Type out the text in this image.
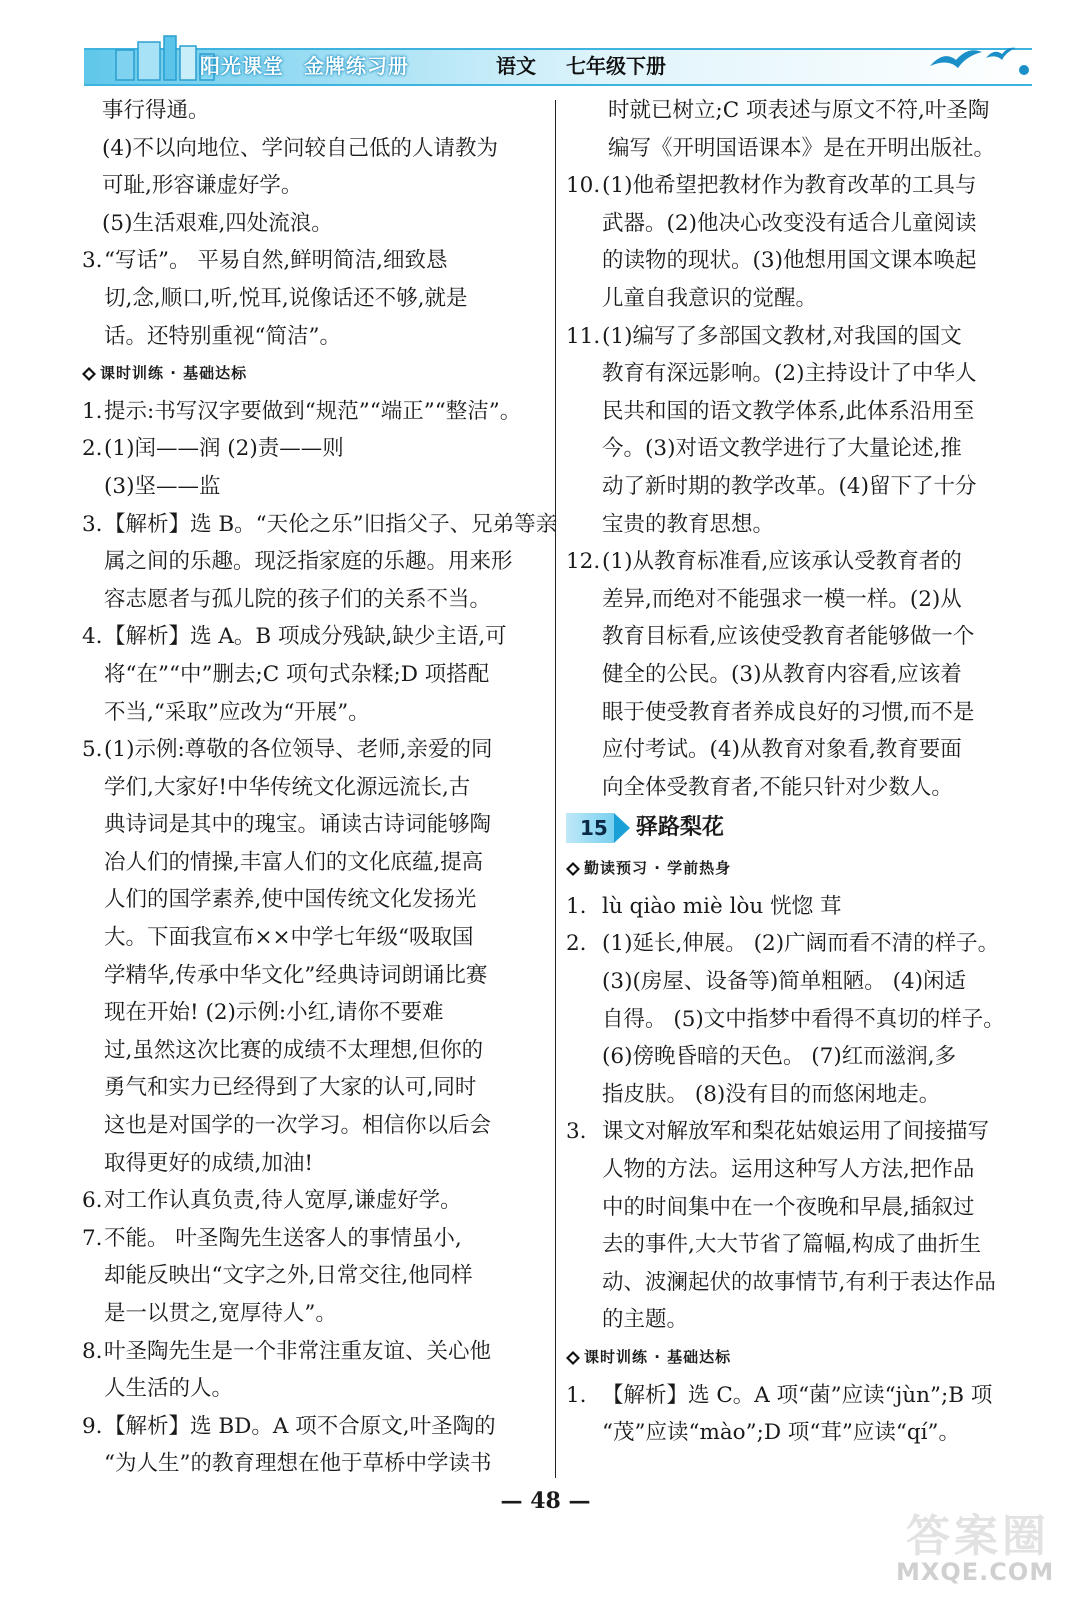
阳光课堂 金牌练习册	语文 七年级下册
事行得通。
(4)不以向地位、学问较自己低的人请教为
可耻,形容谦虚好学。
(5)生活艰难,四处流浪。
3. “写话”。 平易自然,鲜明简洁,细致恳
切,念,顺口,听,悦耳,说像话还不够,就是
话。还特别重视“简洁”。
课时训练 · 基础达标
1. 提示:书写汉字要做到“规范”“端正”“整洁”。
2. (1)闰——润 (2)责——则
(3)坚——监
3. 【解析】选 B。“天伦之乐”旧指父子、兄弟等亲
属之间的乐趣。现泛指家庭的乐趣。用来形
容志愿者与孤儿院的孩子们的关系不当。
4. 【解析】选 A。B 项成分残缺,缺少主语,可
将“在”“中”删去;C 项句式杂糅;D 项搭配
不当,“采取”应改为“开展”。
5. (1)示例:尊敬的各位领导、老师,亲爱的同
学们,大家好!中华传统文化源远流长,古
典诗词是其中的瑰宝。诵读古诗词能够陶
冶人们的情操,丰富人们的文化底蕴,提高
人们的国学素养,使中国传统文化发扬光
大。下面我宣布××中学七年级“吸取国
学精华,传承中华文化”经典诗词朗诵比赛
现在开始! (2)示例:小红,请你不要难
过,虽然这次比赛的成绩不太理想,但你的
勇气和实力已经得到了大家的认可,同时
这也是对国学的一次学习。相信你以后会
取得更好的成绩,加油!
6. 对工作认真负责,待人宽厚,谦虚好学。
7. 不能。 叶圣陶先生送客人的事情虽小,
却能反映出“文字之外,日常交往,他同样
是一以贯之,宽厚待人”。
8. 叶圣陶先生是一个非常注重友谊、关心他
人生活的人。
9. 【解析】选 BD。A 项不合原文,叶圣陶的
“为人生”的教育理想在他于草桥中学读书
时就已树立;C 项表述与原文不符,叶圣陶
编写《开明国语课本》是在开明出版社。
10. (1)他希望把教材作为教育改革的工具与
武器。(2)他决心改变没有适合儿童阅读
的读物的现状。(3)他想用国文课本唤起
儿童自我意识的觉醒。
11. (1)编写了多部国文教材,对我国的国文
教育有深远影响。(2)主持设计了中华人
民共和国的语文教学体系,此体系沿用至
今。(3)对语文教学进行了大量论述,推
动了新时期的教学改革。(4)留下了十分
宝贵的教育思想。
12. (1)从教育标准看,应该承认受教育者的
差异,而绝对不能强求一模一样。(2)从
教育目标看,应该使受教育者能够做一个
健全的公民。(3)从教育内容看,应该着
眼于使受教育者养成良好的习惯,而不是
应付考试。(4)从教育对象看,教育要面
向全体受教育者,不能只针对少数人。
15 驿路梨花
勤读预习 · 学前热身
1. lù qiào miè lòu 恍惚 茸
2. (1)延长,伸展。 (2)广阔而看不清的样子。
(3)(房屋、设备等)简单粗陋。 (4)闲适
自得。 (5)文中指梦中看得不真切的样子。
(6)傍晚昏暗的天色。 (7)红而滋润,多
指皮肤。 (8)没有目的而悠闲地走。
3. 课文对解放军和梨花姑娘运用了间接描写
人物的方法。运用这种写人方法,把作品
中的时间集中在一个夜晚和早晨,插叙过
去的事件,大大节省了篇幅,构成了曲折生
动、波澜起伏的故事情节,有利于表达作品
的主题。
课时训练 · 基础达标
1. 【解析】选 C。A 项“菌”应读“jùn”;B 项
“茂”应读“mào”;D 项“茸”应读“qí”。
— 48 —
答案圈
MXQE.COM
